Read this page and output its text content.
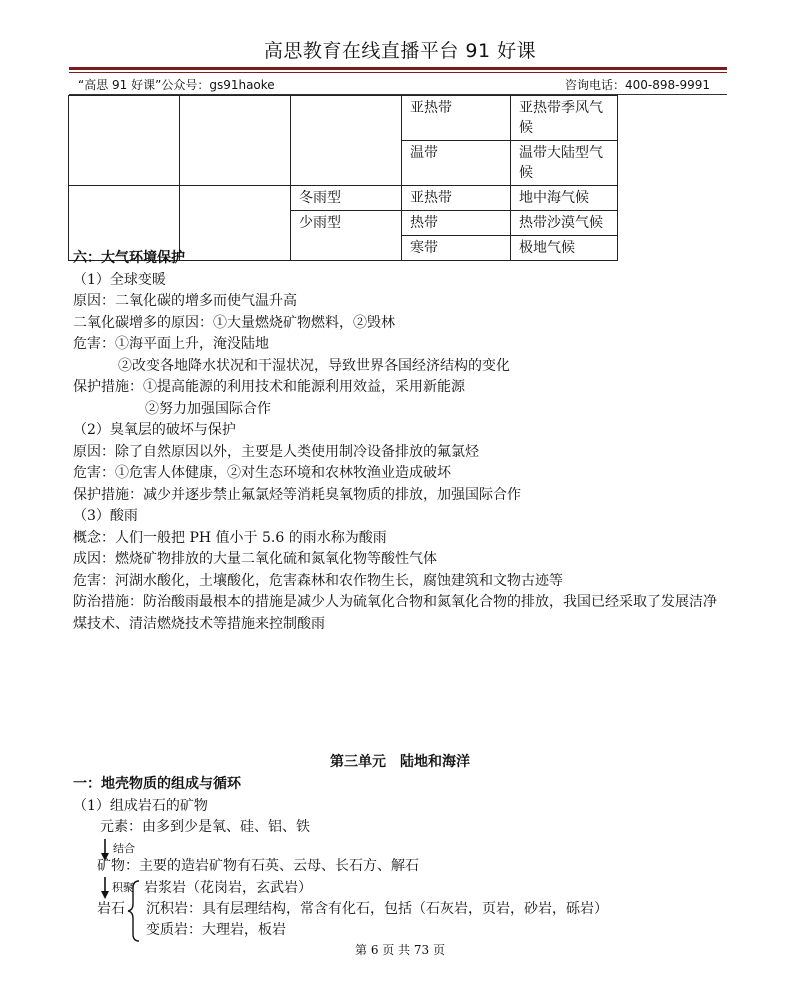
高思教育在线直播平台 91 好课
“高思 91 好课”公众号：gs91haoke	咨询电话：400-898-9991
			亚热带	亚热带季风气候
			温带	温带大陆型气候
		冬雨型	亚热带	地中海气候
		少雨型	热带	热带沙漠气候
			寒带	极地气候

六：大气环境保护

（1）全球变暖

原因：二氧化碳的增多而使气温升高

二氧化碳增多的原因：①大量燃烧矿物燃料，②毁林

危害：①海平面上升，淹没陆地

②改变各地降水状况和干湿状况，导致世界各国经济结构的变化

保护措施：①提高能源的利用技术和能源利用效益，采用新能源

②努力加强国际合作

（2）臭氧层的破坏与保护

原因：除了自然原因以外，主要是人类使用制冷设备排放的氟氯烃

危害：①危害人体健康，②对生态环境和农林牧渔业造成破坏

保护措施：减少并逐步禁止氟氯烃等消耗臭氧物质的排放，加强国际合作

（3）酸雨

概念：人们一般把 PH 值小于 5.6 的雨水称为酸雨

成因：燃烧矿物排放的大量二氧化硫和氮氧化物等酸性气体

危害：河湖水酸化，土壤酸化，危害森林和农作物生长，腐蚀建筑和文物古迹等

防治措施：防治酸雨最根本的措施是减少人为硫氧化合物和氮氧化合物的排放，我国已经采取了发展洁净

煤技术、清洁燃烧技术等措施来控制酸雨

第三单元　陆地和海洋

一：地壳物质的组成与循环

（1）组成岩石的矿物

元素：由多到少是氧、硅、铝、铁
结合
矿物：主要的造岩矿物有石英、云母、长石方、解石
积聚 岩浆岩（花岗岩，玄武岩）
岩石 沉积岩：具有层理结构，常含有化石，包括（石灰岩，页岩，砂岩，砾岩）
变质岩：大理岩，板岩
第 6 页 共 73 页
